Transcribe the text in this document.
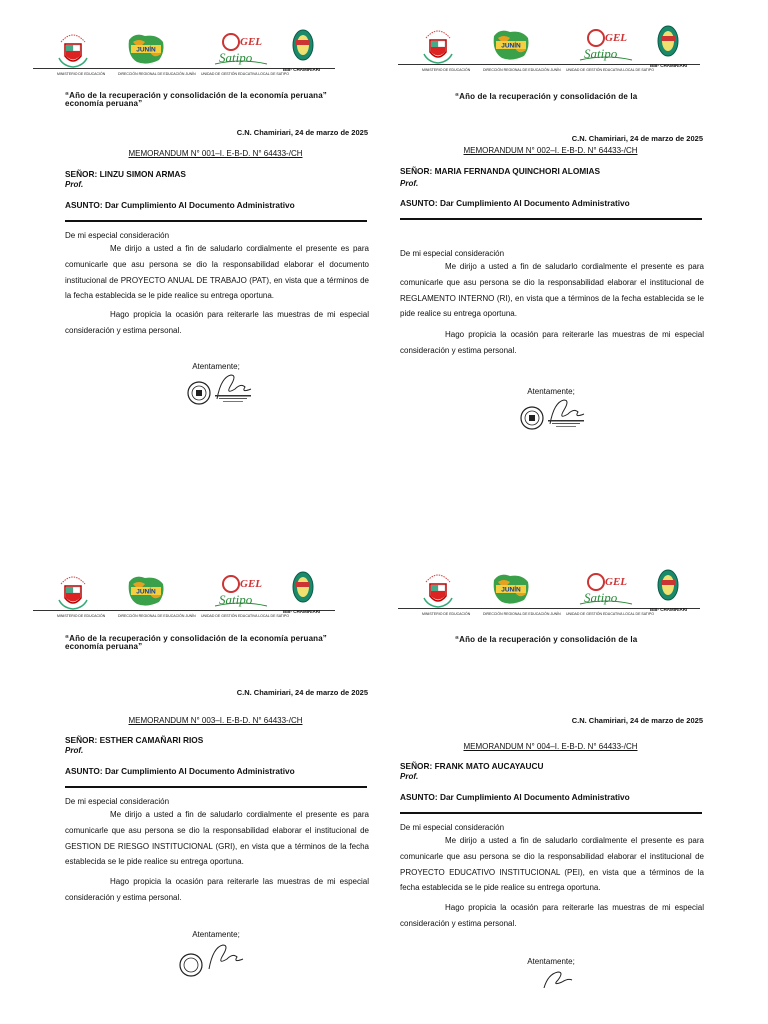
JUNÍN
GEL
Satipo
IEB- CHAMIRIARI
MINISTERIO DE EDUCACIÓN	DIRECCIÓN REGIONAL DE EDUCACIÓN JUNÍN UNIDAD DE GESTIÓN EDUCATIVA LOCAL DE SATIPO
“Año de la recuperación y consolidación de la economía peruana”
economía peruana”
C.N. Chamiriari, 24 de marzo de 2025
MEMORANDUM N° 001–I. E-B-D. N° 64433-/CH
SEÑOR: LINZU SIMON ARMAS
Prof.
ASUNTO: Dar Cumplimiento Al Documento Administrativo
De mi especial consideración

Me dirijo a usted a fin de saludarlo cordialmente el presente es para comunicarle que asu persona se dio la responsabilidad elaborar el documento institucional de PROYECTO ANUAL DE TRABAJO (PAT), en vista que a términos de la fecha establecida se le pide realice su entrega oportuna.

Hago propicia la ocasión para reiterarle las muestras de mi especial consideración y estima personal.

Atentamente;
JUNÍN
GEL
Satipo
IEB- CHAMIRIARI
MINISTERIO DE EDUCACIÓN	DIRECCIÓN REGIONAL DE EDUCACIÓN JUNÍN UNIDAD DE GESTIÓN EDUCATIVA LOCAL DE SATIPO
“Año de la recuperación y consolidación de la
C.N. Chamiriari, 24 de marzo de 2025
MEMORANDUM N° 002–I. E-B-D. N° 64433-/CH
SEÑOR: MARIA FERNANDA QUINCHORI ALOMIAS
Prof.
ASUNTO: Dar Cumplimiento Al Documento Administrativo
De mi especial consideración

Me dirijo a usted a fin de saludarlo cordialmente el presente es para comunicarle que asu persona se dio la responsabilidad elaborar el institucional de REGLAMENTO INTERNO (RI), en vista que a términos de la fecha establecida se le pide realice su entrega oportuna.

Hago propicia la ocasión para reiterarle las muestras de mi especial consideración y estima personal.

Atentamente;
JUNÍN
GEL
Satipo
IEB- CHAMIRIARI
MINISTERIO DE EDUCACIÓN	DIRECCIÓN REGIONAL DE EDUCACIÓN JUNÍN UNIDAD DE GESTIÓN EDUCATIVA LOCAL DE SATIPO
“Año de la recuperación y consolidación de la economía peruana”
economía peruana”
C.N. Chamiriari, 24 de marzo de 2025
MEMORANDUM N° 003–I. E-B-D. N° 64433-/CH
SEÑOR: ESTHER CAMAÑARI RIOS
Prof.
ASUNTO: Dar Cumplimiento Al Documento Administrativo
De mi especial consideración

Me dirijo a usted a fin de saludarlo cordialmente el presente es para comunicarle que asu persona se dio la responsabilidad elaborar el institucional de GESTION DE RIESGO INSTITUCIONAL (GRI), en vista que a términos de la fecha establecida se le pide realice su entrega oportuna.

Hago propicia la ocasión para reiterarle las muestras de mi especial consideración y estima personal.

Atentamente;
JUNÍN
GEL
Satipo
IEB- CHAMIRIARI
MINISTERIO DE EDUCACIÓN	DIRECCIÓN REGIONAL DE EDUCACIÓN JUNÍN UNIDAD DE GESTIÓN EDUCATIVA LOCAL DE SATIPO
“Año de la recuperación y consolidación de la
C.N. Chamiriari, 24 de marzo de 2025
MEMORANDUM N° 004–I. E-B-D. N° 64433-/CH
SEÑOR: FRANK MATO AUCAYAUCU
Prof.
ASUNTO: Dar Cumplimiento Al Documento Administrativo
De mi especial consideración

Me dirijo a usted a fin de saludarlo cordialmente el presente es para comunicarle que asu persona se dio la responsabilidad elaborar el institucional de PROYECTO EDUCATIVO INSTITUCIONAL (PEI), en vista que a términos de la fecha establecida se le pide realice su entrega oportuna.

Hago propicia la ocasión para reiterarle las muestras de mi especial consideración y estima personal.

Atentamente;
